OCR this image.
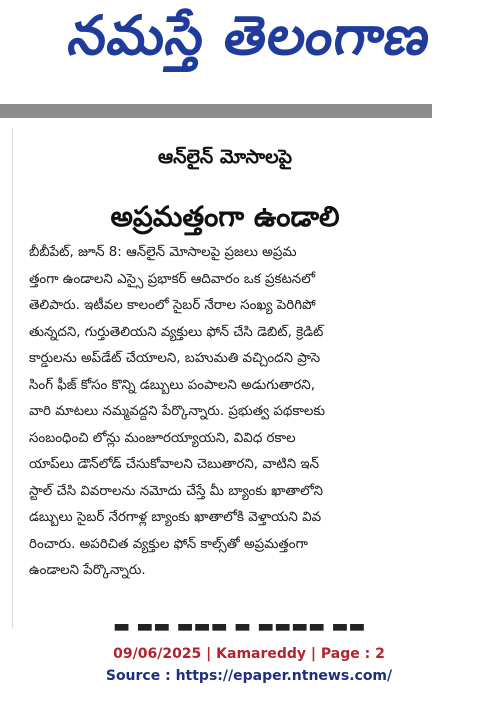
నమస్తే తెలంగాణ
ఆన్‌లైన్ మోసాలపై
అప్రమత్తంగా ఉండాలి
బీబీపేట్, జూన్ 8: ఆన్‌లైన్ మోసాలపై ప్రజలు అప్రమ
త్తంగా ఉండాలని ఎస్సై ప్రభాకర్ ఆదివారం ఒక ప్రకటనలో
తెలిపారు. ఇటీవల కాలంలో సైబర్ నేరాల సంఖ్య పెరిగిపో
తున్నదని, గుర్తుతెలియని వ్యక్తులు ఫోన్ చేసి డెబిట్, క్రెడిట్
కార్డులను అప్‌డేట్ చేయాలని, బహుమతి వచ్చిందని ప్రాసె
సింగ్ ఫీజ్ కోసం కొన్ని డబ్బులు పంపాలని అడుగుతారని,
వారి మాటలు నమ్మవద్దని పేర్కొన్నారు. ప్రభుత్వ పథకాలకు
సంబంధించి లోన్లు మంజూరయ్యాయని, వివిధ రకాల
యాప్‌లు డౌన్‌లోడ్ చేసుకోవాలని చెబుతారని, వాటిని ఇన్
స్టాల్ చేసి వివరాలను నమోదు చేస్తే మీ బ్యాంకు ఖాతాలోని
డబ్బులు సైబర్ నేరగాళ్ల బ్యాంకు ఖాతాలోకి వెళ్తాయని వివ
రించారు. అపరిచిత వ్యక్తుల ఫోన్ కాల్స్‌తో అప్రమత్తంగా
ఉండాలని పేర్కొన్నారు.
▬ ▬▬ ▬▬▬ ▬ ▬▬▬▬ ▬▬
09/06/2025 | Kamareddy | Page : 2
Source : https://epaper.ntnews.com/
